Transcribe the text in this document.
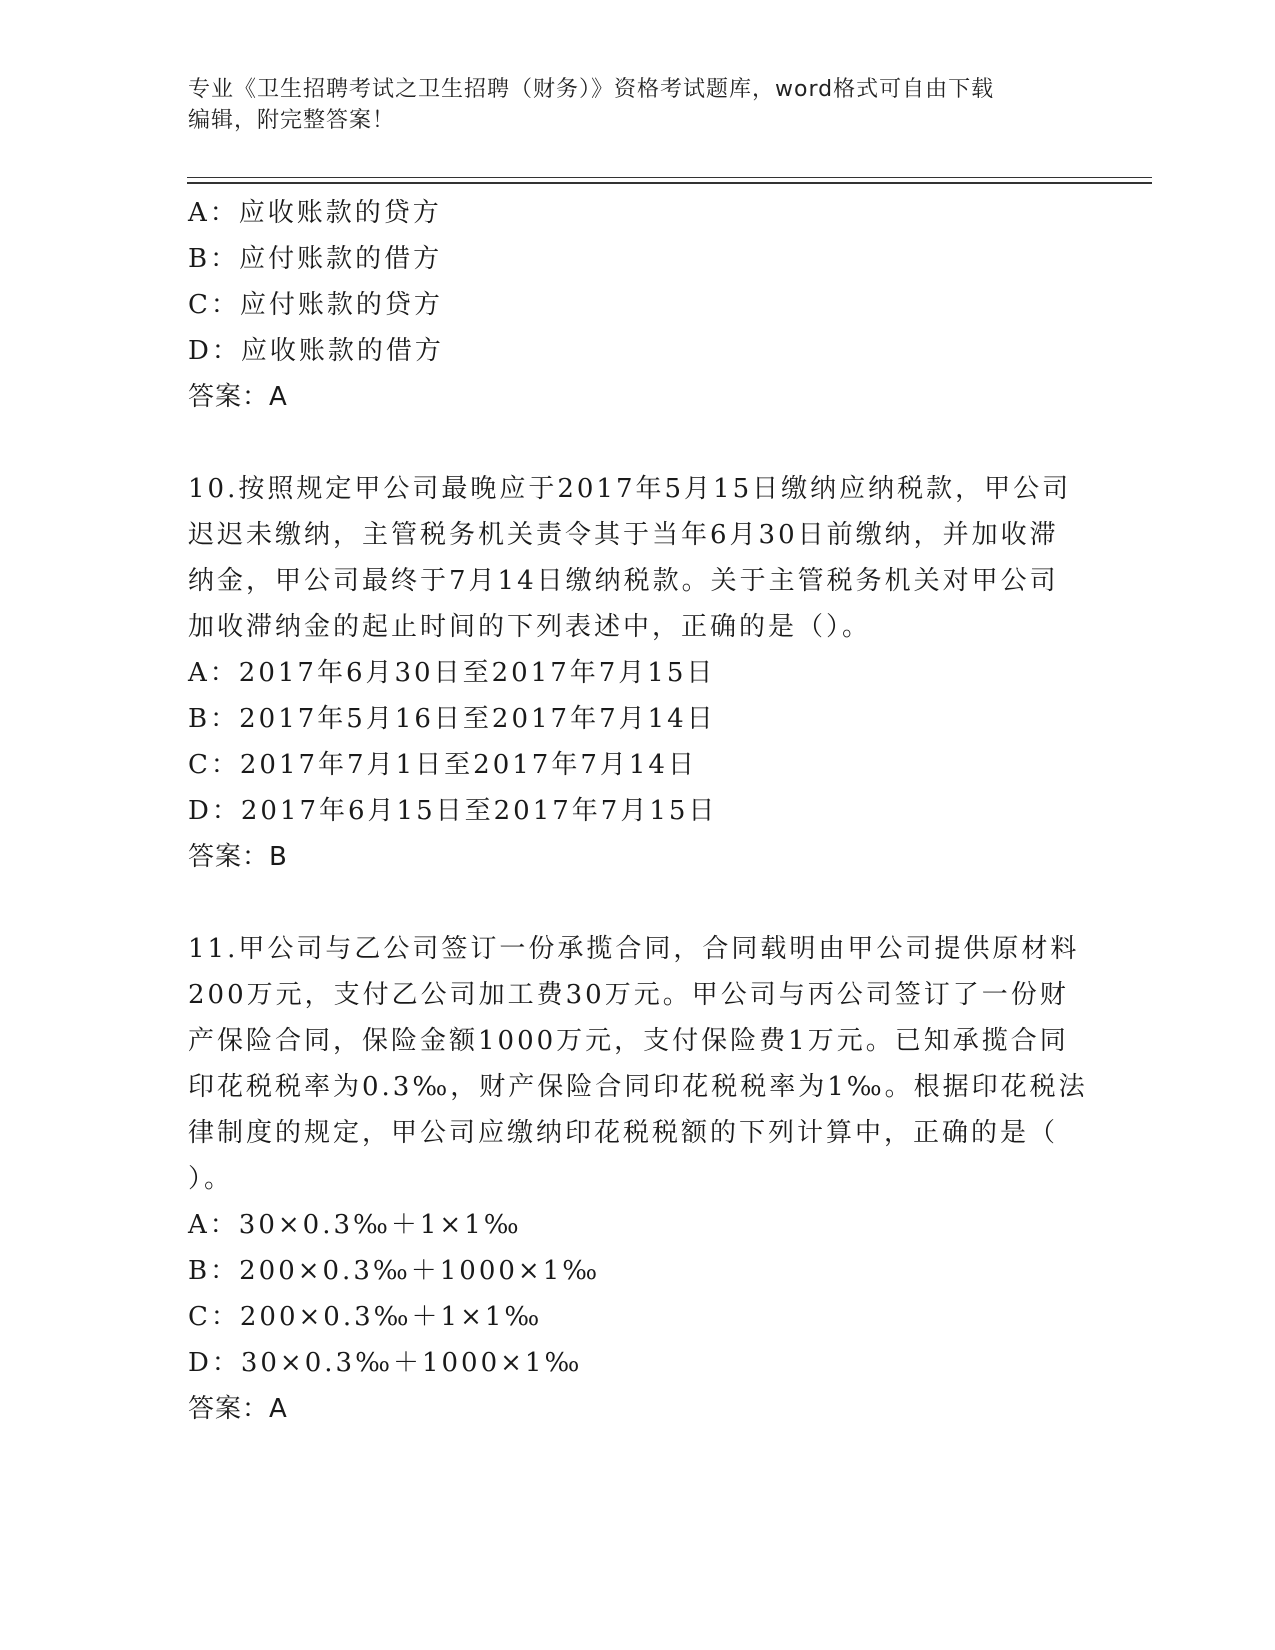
专业《卫生招聘考试之卫生招聘（财务）》资格考试题库，word格式可自由下载
编辑，附完整答案！
A：应收账款的贷方
B：应付账款的借方
C：应付账款的贷方
D：应收账款的借方
答案：A
10.按照规定甲公司最晚应于2017年5月15日缴纳应纳税款，甲公司
迟迟未缴纳，主管税务机关责令其于当年6月30日前缴纳，并加收滞
纳金，甲公司最终于7月14日缴纳税款。关于主管税务机关对甲公司
加收滞纳金的起止时间的下列表述中，正确的是（）。
A：2017年6月30日至2017年7月15日
B：2017年5月16日至2017年7月14日
C：2017年7月1日至2017年7月14日
D：2017年6月15日至2017年7月15日
答案：B
11.甲公司与乙公司签订一份承揽合同，合同载明由甲公司提供原材料
200万元，支付乙公司加工费30万元。甲公司与丙公司签订了一份财
产保险合同，保险金额1000万元，支付保险费1万元。已知承揽合同
印花税税率为0.3‰，财产保险合同印花税税率为1‰。根据印花税法
律制度的规定，甲公司应缴纳印花税税额的下列计算中，正确的是（
）。
A：30×0.3‰＋1×1‰
B：200×0.3‰＋1000×1‰
C：200×0.3‰＋1×1‰
D：30×0.3‰＋1000×1‰
答案：A
